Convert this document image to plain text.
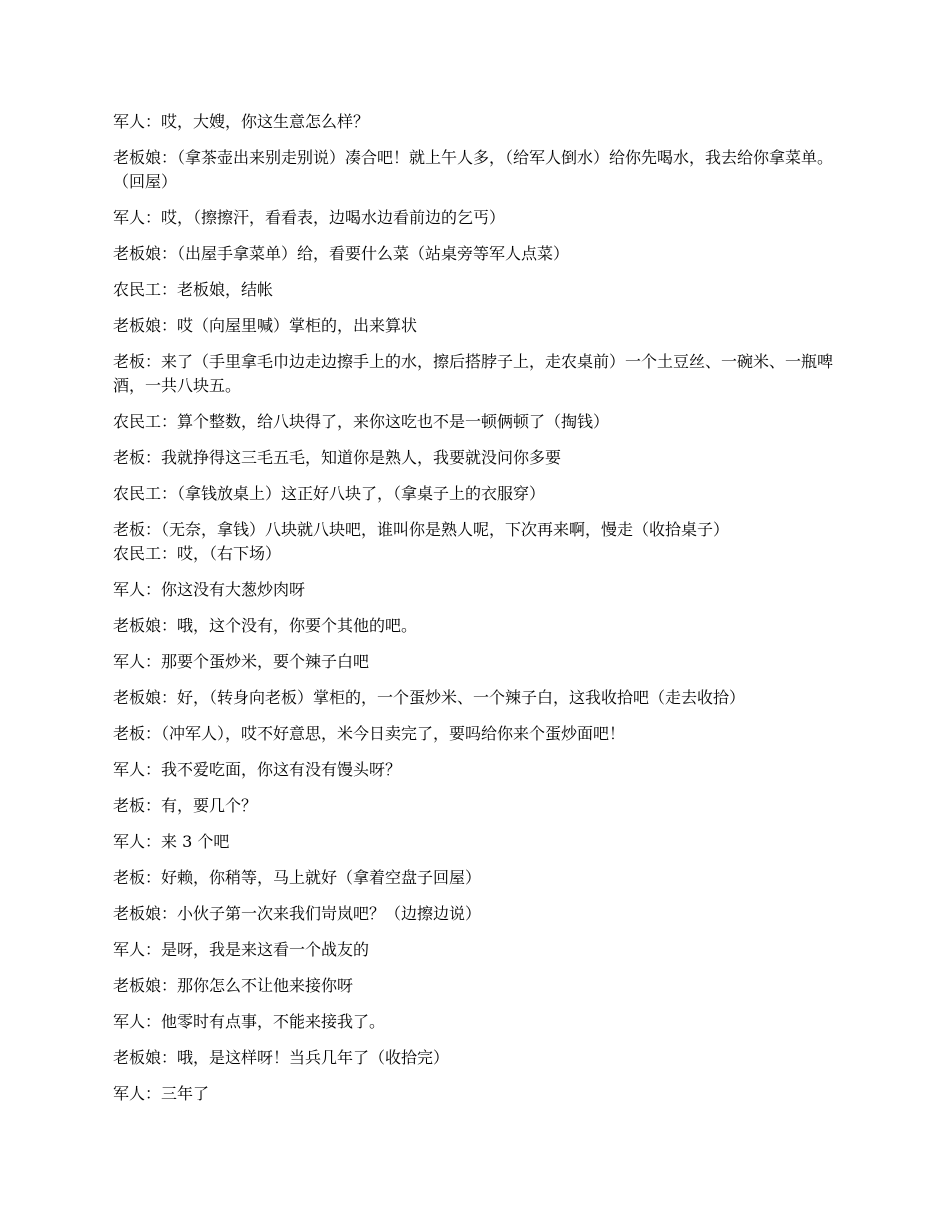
军人：哎，大嫂，你这生意怎么样？

老板娘：（拿茶壶出来别走别说）凑合吧！就上午人多，（给军人倒水）给你先喝水，我去给你拿菜单。（回屋）

军人：哎，（擦擦汗，看看表，边喝水边看前边的乞丐）

老板娘：（出屋手拿菜单）给，看要什么菜（站桌旁等军人点菜）

农民工：老板娘，结帐

老板娘：哎（向屋里喊）掌柜的，出来算状

老板：来了（手里拿毛巾边走边擦手上的水，擦后搭脖子上，走农桌前）一个土豆丝、一碗米、一瓶啤酒，一共八块五。

农民工：算个整数，给八块得了，来你这吃也不是一顿俩顿了（掏钱）

老板：我就挣得这三毛五毛，知道你是熟人，我要就没问你多要

农民工：（拿钱放桌上）这正好八块了，（拿桌子上的衣服穿）

老板：（无奈，拿钱）八块就八块吧，谁叫你是熟人呢，下次再来啊，慢走（收拾桌子）

农民工：哎，（右下场）

军人：你这没有大葱炒肉呀

老板娘：哦，这个没有，你要个其他的吧。

军人：那要个蛋炒米，要个辣子白吧

老板娘：好，（转身向老板）掌柜的，一个蛋炒米、一个辣子白，这我收拾吧（走去收拾）

老板：（冲军人），哎不好意思，米今日卖完了，要吗给你来个蛋炒面吧！

军人：我不爱吃面，你这有没有馒头呀？

老板：有，要几个？

军人：来 3 个吧

老板：好赖，你稍等，马上就好（拿着空盘子回屋）

老板娘：小伙子第一次来我们岢岚吧？（边擦边说）

军人：是呀，我是来这看一个战友的

老板娘：那你怎么不让他来接你呀

军人：他零时有点事，不能来接我了。

老板娘：哦，是这样呀！当兵几年了（收拾完）

军人：三年了
